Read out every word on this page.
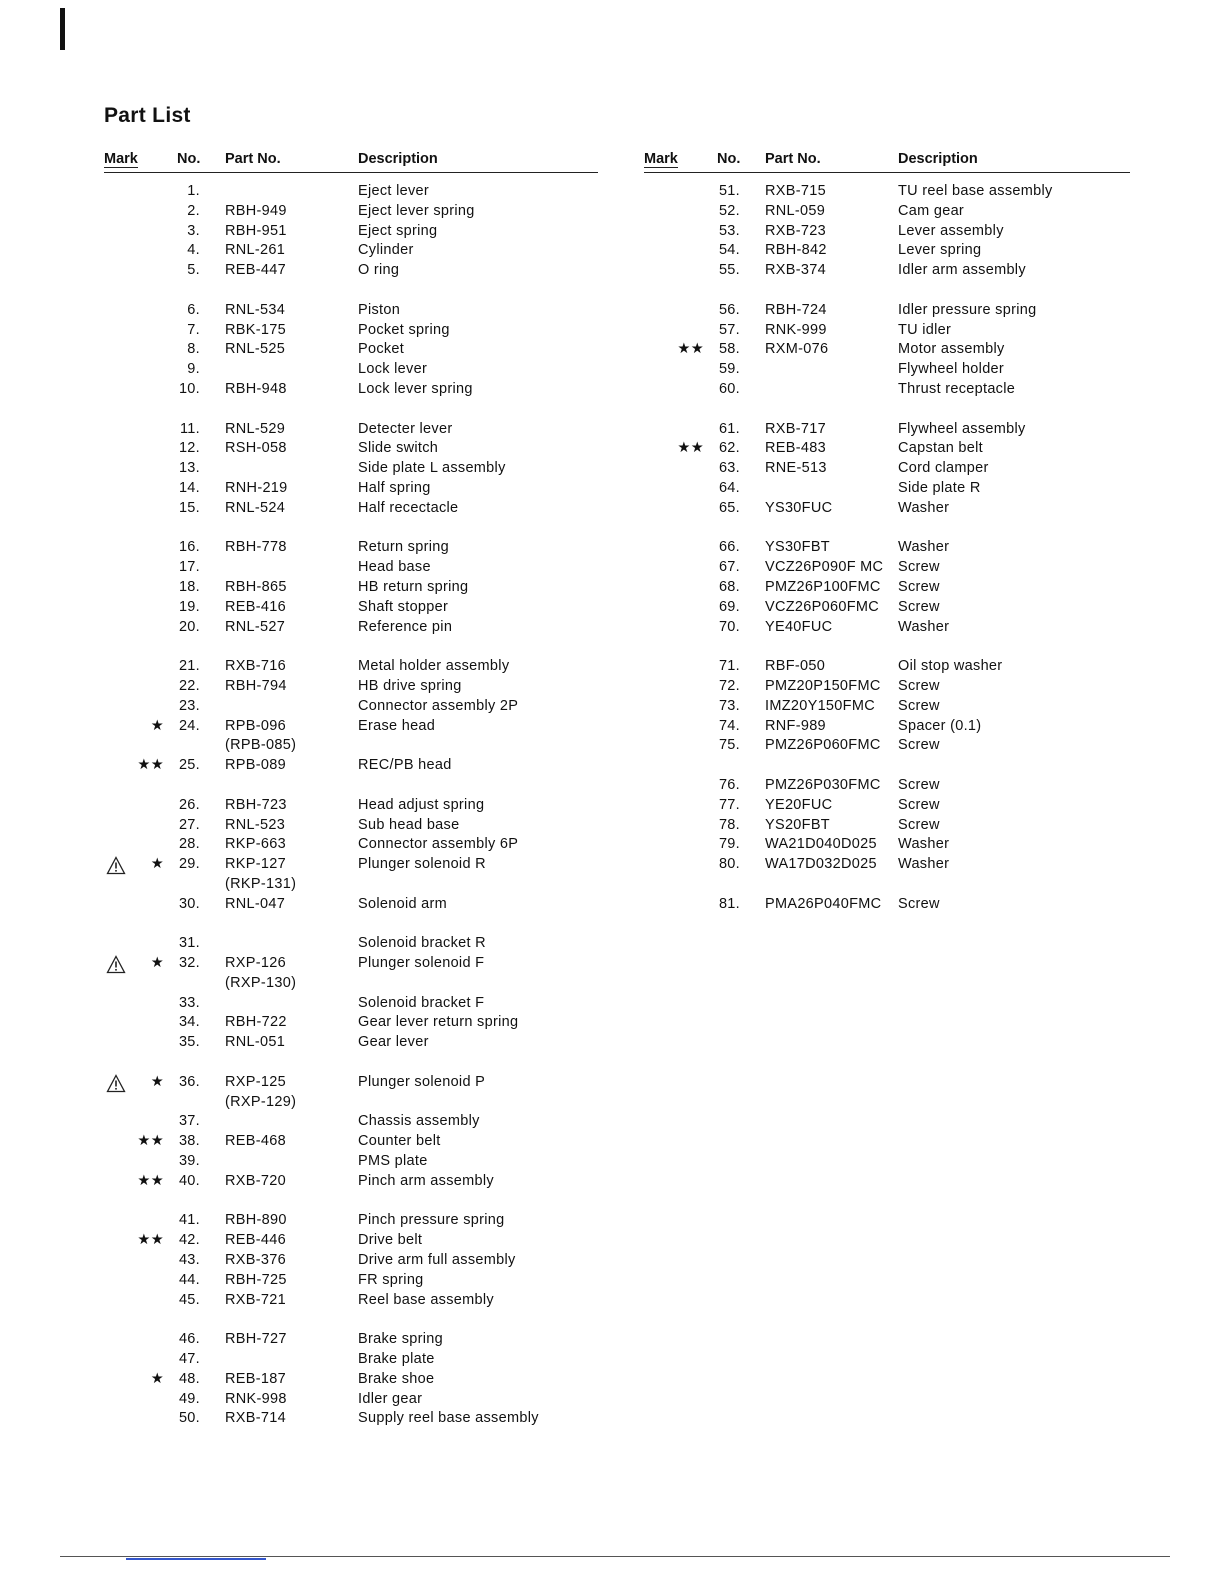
Part List
Mark	No. Part No.	Description
1.	Eject lever
2. RBH-949	Eject lever spring
3. RBH-951	Eject spring
4. RNL-261	Cylinder
5. REB-447	O ring
6. RNL-534	Piston
7. RBK-175	Pocket spring
8. RNL-525	Pocket
9.	Lock lever
10. RBH-948	Lock lever spring
11. RNL-529	Detecter lever
12. RSH-058	Slide switch
13.	Side plate L assembly
14. RNH-219	Half spring
15. RNL-524	Half recectacle
16. RBH-778	Return spring
17.	Head base
18. RBH-865	HB return spring
19. REB-416	Shaft stopper
20. RNL-527	Reference pin
21. RXB-716	Metal holder assembly
22. RBH-794	HB drive spring
23.	Connector assembly 2P
★	24. RPB-096	Erase head
(RPB-085)
★★	25. RPB-089	REC/PB head
26. RBH-723	Head adjust spring
27. RNL-523	Sub head base
28. RKP-663	Connector assembly 6P
★	29. RKP-127	Plunger solenoid R
(RKP-131)
30. RNL-047	Solenoid arm
31.	Solenoid bracket R
★	32. RXP-126	Plunger solenoid F
(RXP-130)
33.	Solenoid bracket F
34. RBH-722	Gear lever return spring
35. RNL-051	Gear lever
★	36. RXP-125	Plunger solenoid P
(RXP-129)
37.	Chassis assembly
★★	38. REB-468	Counter belt
39.	PMS plate
★★	40. RXB-720	Pinch arm assembly
41. RBH-890	Pinch pressure spring
★★	42. REB-446	Drive belt
43. RXB-376	Drive arm full assembly
44. RBH-725	FR spring
45. RXB-721	Reel base assembly
46. RBH-727	Brake spring
47.	Brake plate
★	48. REB-187	Brake shoe
49. RNK-998	Idler gear
50. RXB-714	Supply reel base assembly
Mark	No. Part No.	Description
51. RXB-715	TU reel base assembly
52. RNL-059	Cam gear
53. RXB-723	Lever assembly
54. RBH-842	Lever spring
55. RXB-374	Idler arm assembly
56. RBH-724	Idler pressure spring
57. RNK-999	TU idler
★★	58. RXM-076	Motor assembly
59.	Flywheel holder
60.	Thrust receptacle
61. RXB-717	Flywheel assembly
★★	62. REB-483	Capstan belt
63. RNE-513	Cord clamper
64.	Side plate R
65. YS30FUC	Washer
66. YS30FBT	Washer
67. VCZ26P090F MC Screw
68. PMZ26P100FMC Screw
69. VCZ26P060FMC Screw
70. YE40FUC	Washer
71. RBF-050	Oil stop washer
72. PMZ20P150FMC Screw
73. IMZ20Y150FMC Screw
74. RNF-989	Spacer (0.1)
75. PMZ26P060FMC Screw
76. PMZ26P030FMC Screw
77. YE20FUC	Screw
78. YS20FBT	Screw
79. WA21D040D025 Washer
80. WA17D032D025 Washer
81. PMA26P040FMC Screw
